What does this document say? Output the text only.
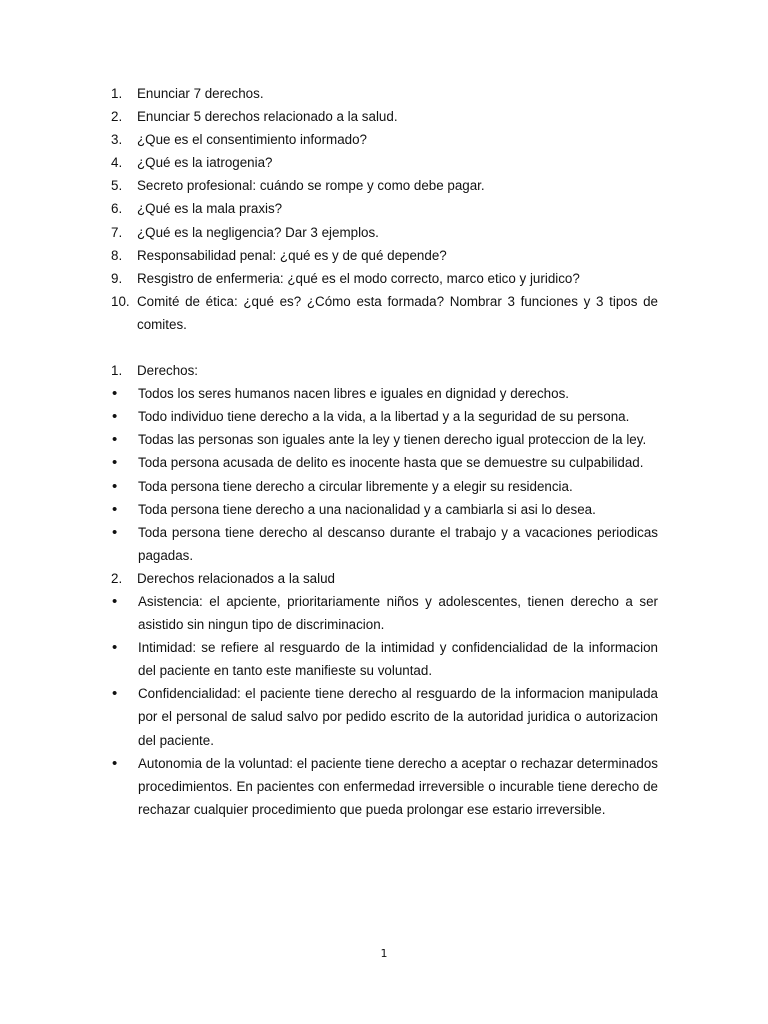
1.	Enunciar 7 derechos.
2.	Enunciar 5 derechos relacionado a la salud.
3.	¿Que es el consentimiento informado?
4.	¿Qué es la iatrogenia?
5.	Secreto profesional: cuándo se rompe y como debe pagar.
6.	¿Qué es la mala praxis?
7.	¿Qué es la negligencia? Dar 3 ejemplos.
8.	Responsabilidad penal: ¿qué es y de qué depende?
9.	Resgistro de enfermeria: ¿qué es el modo correcto, marco etico y juridico?
10. Comité de ética: ¿qué es? ¿Cómo esta formada? Nombrar 3 funciones y 3 tipos de comites.
1.	Derechos:
•	Todos los seres humanos nacen libres e iguales en dignidad y derechos.
•	Todo individuo tiene derecho a la vida, a la libertad y a la seguridad de su persona.
•	Todas las personas son iguales ante la ley y tienen derecho igual proteccion de la ley.
•	Toda persona acusada de delito es inocente hasta que se demuestre su culpabilidad.
•	Toda persona tiene derecho a circular libremente y a elegir su residencia.
•	Toda persona tiene derecho a una nacionalidad y a cambiarla si asi lo desea.
•	Toda persona tiene derecho al descanso durante el trabajo y a vacaciones periodicas pagadas.
2.	Derechos relacionados a la salud
•	Asistencia: el apciente, prioritariamente niños y adolescentes, tienen derecho a ser asistido sin ningun tipo de discriminacion.
•	Intimidad: se refiere al resguardo de la intimidad y confidencialidad de la informacion del paciente en tanto este manifieste su voluntad.
•	Confidencialidad: el paciente tiene derecho al resguardo de la informacion manipulada por el personal de salud salvo por pedido escrito de la autoridad juridica o autorizacion del paciente.
•	Autonomia de la voluntad: el paciente tiene derecho a aceptar o rechazar determinados procedimientos. En pacientes con enfermedad irreversible o incurable tiene derecho de rechazar cualquier procedimiento que pueda prolongar ese estario irreversible.
1
